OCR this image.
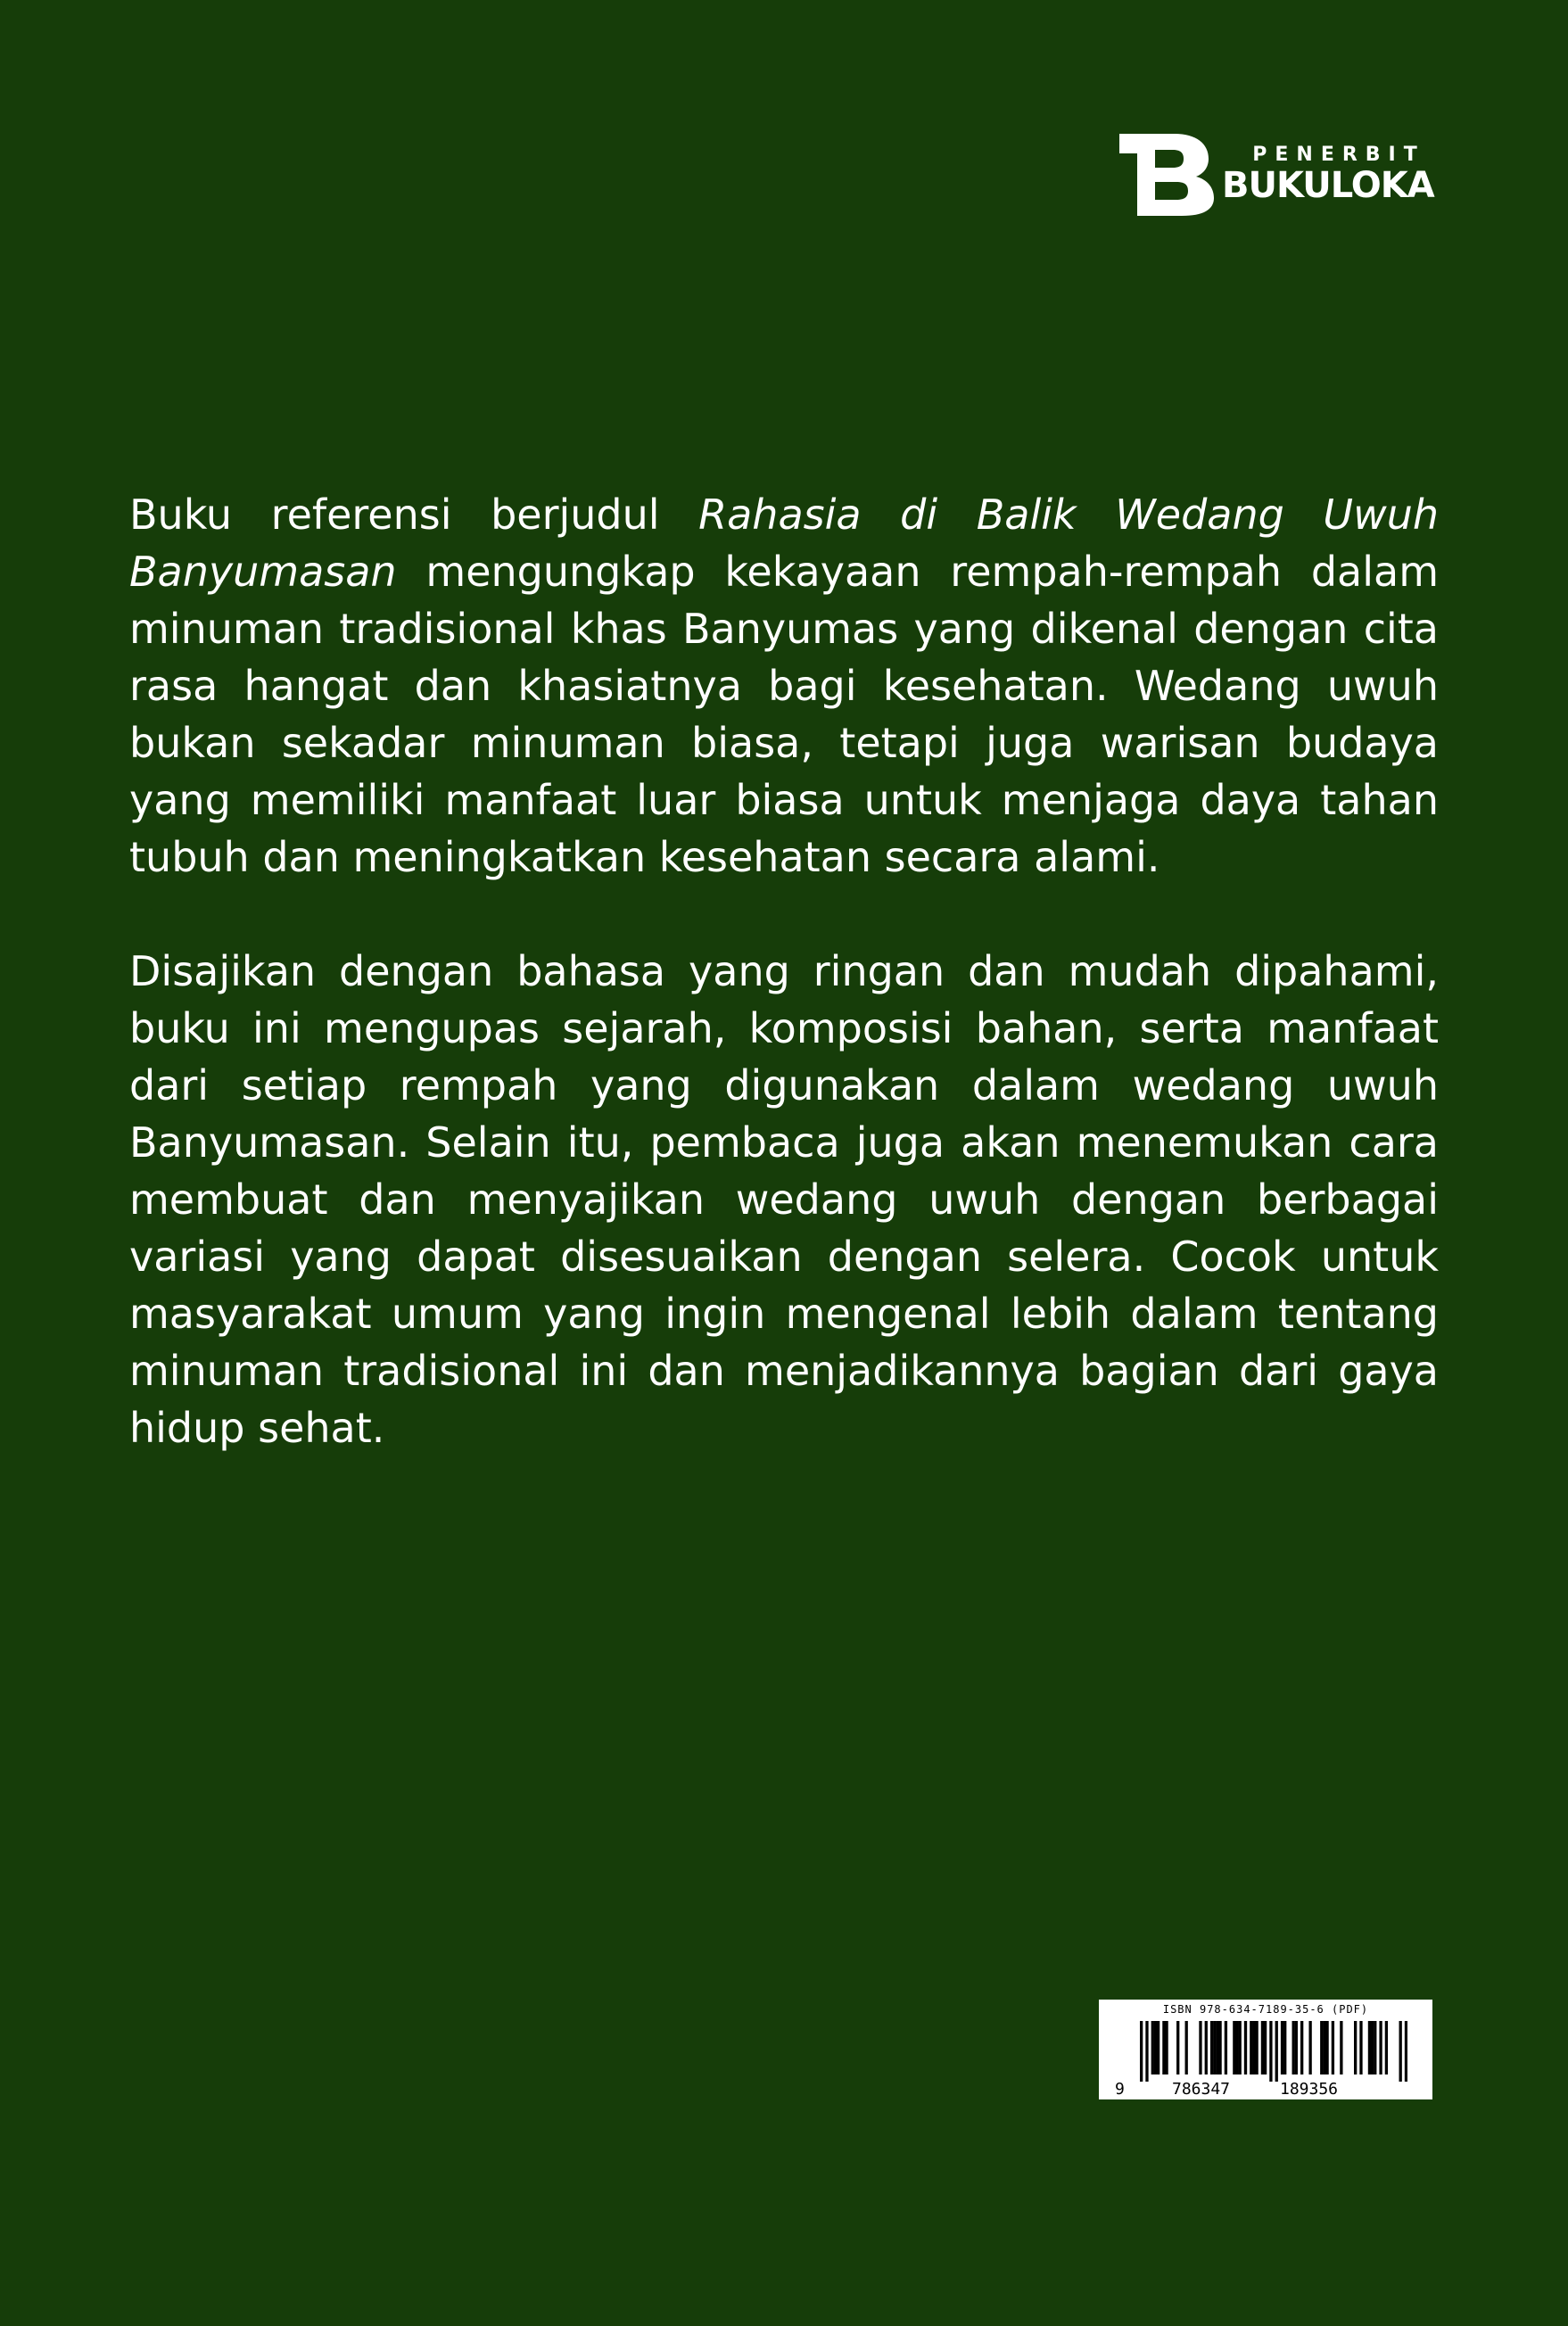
PENERBIT
BUKULOKA

Buku referensi berjudul Rahasia di Balik Wedang Uwuh Banyumasan mengungkap kekayaan rempah-rempah dalam minuman tradisional khas Banyumas yang dikenal dengan cita rasa hangat dan khasiatnya bagi kesehatan. Wedang uwuh bukan sekadar minuman biasa, tetapi juga warisan budaya yang memiliki manfaat luar biasa untuk menjaga daya tahan tubuh dan meningkatkan kesehatan secara alami.

Disajikan dengan bahasa yang ringan dan mudah dipahami, buku ini mengupas sejarah, komposisi bahan, serta manfaat dari setiap rempah yang digunakan dalam wedang uwuh Banyumasan. Selain itu, pembaca juga akan menemukan cara membuat dan menyajikan wedang uwuh dengan berbagai variasi yang dapat disesuaikan dengan selera. Cocok untuk masyarakat umum yang ingin mengenal lebih dalam tentang minuman tradisional ini dan menjadikannya bagian dari gaya hidup sehat.

ISBN 978-634-7189-35-6 (PDF)
9	786347	189356
